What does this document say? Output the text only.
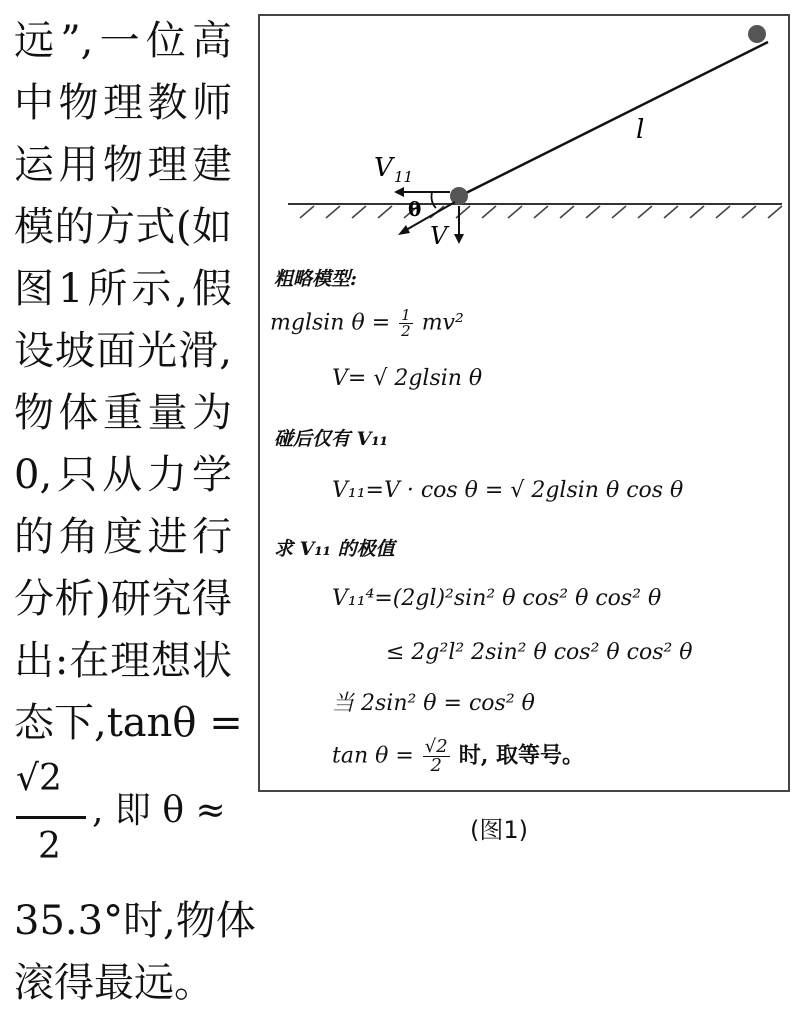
远”,一位高
中物理教师
运用物理建
模的方式(如
图1所示,假
设坡面光滑,
物体重量为
0,只从力学
的角度进行
分析)研究得
出:在理想状
态下,tanθ =
√2
2
, 即 θ ≈
35.3°时,物体
滚得最远。
l
V 11
θ
V
粗略模型:
mglsin $\theta = \frac{1}{2} mv^2$
V= √ 2glsin θ
碰后仅有 V₁₁
V₁₁=V · cos θ = √ 2glsin θ cos θ
求 V₁₁ 的极值
V₁₁⁴=(2gl)²sin² θ cos² θ cos² θ
≤ 2g²l² 2sin² θ cos² θ cos² θ
当 2sin² θ = cos² θ
$\tan \theta = \frac{√2}{2}$ 时, 取等号。
(图1)
